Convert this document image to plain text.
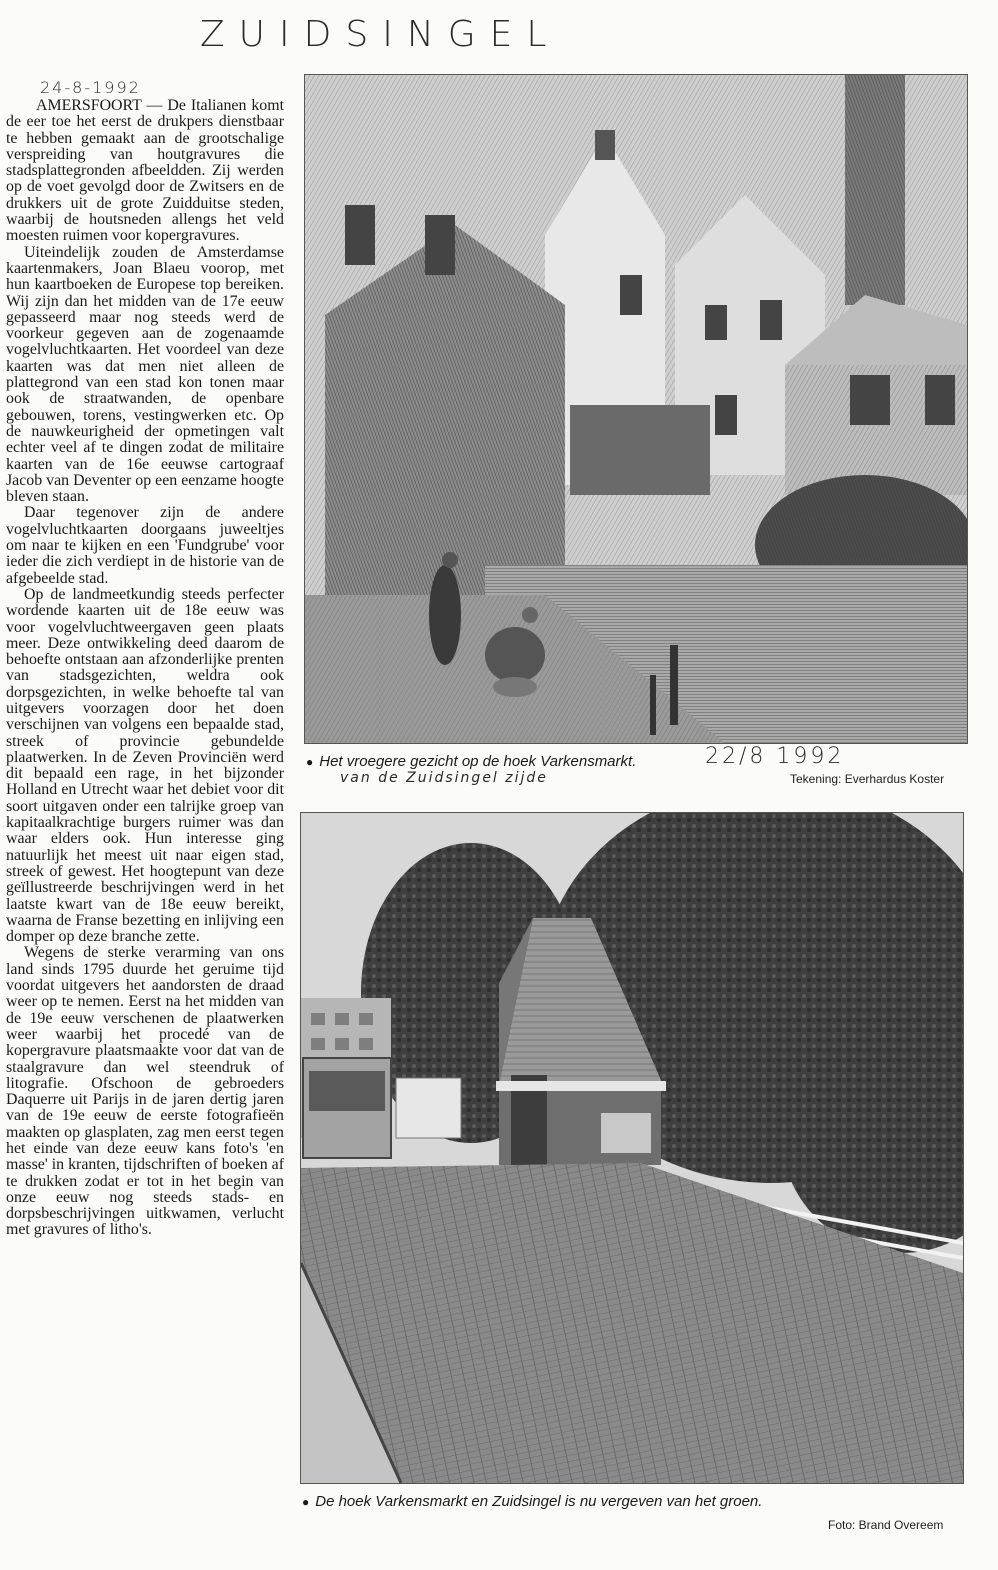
ZUIDSINGEL
24-8-1992

AMERSFOORT — De Italianen komt de eer toe het eerst de drukpers dienstbaar te hebben gemaakt aan de grootschalige verspreiding van houtgravures die stadsplattegronden afbeeldden. Zij werden op de voet gevolgd door de Zwitsers en de drukkers uit de grote Zuidduitse steden, waarbij de houtsneden allengs het veld moesten ruimen voor kopergravures.

Uiteindelijk zouden de Amsterdamse kaartenmakers, Joan Blaeu voorop, met hun kaartboeken de Europese top bereiken. Wij zijn dan het midden van de 17e eeuw gepasseerd maar nog steeds werd de voorkeur gegeven aan de zogenaamde vogelvluchtkaarten. Het voordeel van deze kaarten was dat men niet alleen de plattegrond van een stad kon tonen maar ook de straatwanden, de openbare gebouwen, torens, vestingwerken etc. Op de nauwkeurigheid der opmetingen valt echter veel af te dingen zodat de militaire kaarten van de 16e eeuwse cartograaf Jacob van Deventer op een eenzame hoogte bleven staan.

Daar tegenover zijn de andere vogelvluchtkaarten doorgaans juweeltjes om naar te kijken en een 'Fundgrube' voor ieder die zich verdiept in de historie van de afgebeelde stad.

Op de landmeetkundig steeds perfecter wordende kaarten uit de 18e eeuw was voor vogelvluchtweergaven geen plaats meer. Deze ontwikkeling deed daarom de behoefte ontstaan aan afzonderlijke prenten van stadsgezichten, weldra ook dorpsgezichten, in welke behoefte tal van uitgevers voorzagen door het doen verschijnen van volgens een bepaalde stad, streek of provincie gebundelde plaatwerken. In de Zeven Provinciën werd dit bepaald een rage, in het bijzonder Holland en Utrecht waar het debiet voor dit soort uitgaven onder een talrijke groep van kapitaalkrachtige burgers ruimer was dan waar elders ook. Hun interesse ging natuurlijk het meest uit naar eigen stad, streek of gewest. Het hoogtepunt van deze geïllustreerde beschrijvingen werd in het laatste kwart van de 18e eeuw bereikt, waarna de Franse bezetting en inlijving een domper op deze branche zette.

Wegens de sterke verarming van ons land sinds 1795 duurde het geruime tijd voordat uitgevers het aandorsten de draad weer op te nemen. Eerst na het midden van de 19e eeuw verschenen de plaatwerken weer waarbij het procedé van de kopergravure plaatsmaakte voor dat van de staalgravure dan wel steendruk of litografie. Ofschoon de gebroeders Daquerre uit Parijs in de jaren dertig jaren van de 19e eeuw de eerste fotografieën maakten op glasplaten, zag men eerst tegen het einde van deze eeuw kans foto's 'en masse' in kranten, tijdschriften of boeken af te drukken zodat er tot in het begin van onze eeuw nog steeds stads- en dorpsbeschrijvingen uitkwamen, verlucht met gravures of litho's.

● Het vroegere gezicht op de hoek Varkensmarkt.	22/8 1992
van de Zuidsingel zijde	Tekening: Everhardus Koster
● De hoek Varkensmarkt en Zuidsingel is nu vergeven van het groen.
Foto: Brand Overeem
